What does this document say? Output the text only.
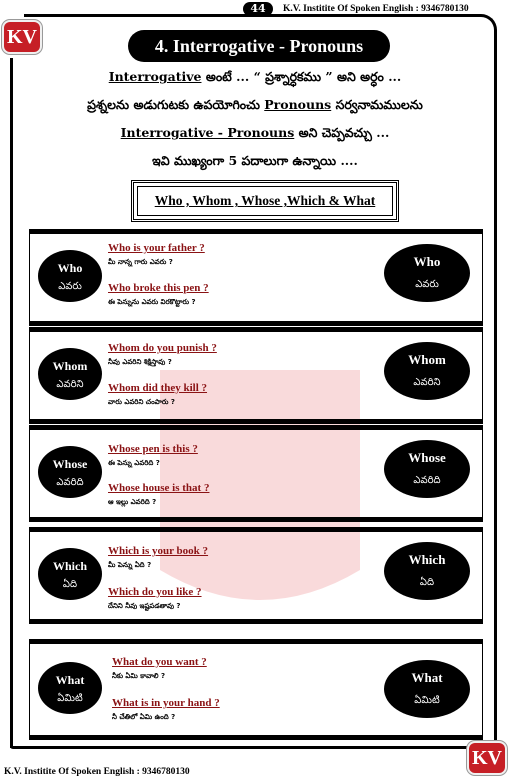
44	K.V. Institite Of Spoken English : 9346780130
KV	4. Interrogative - Pronouns
Interrogative అంటే ... “ ప్రశ్నార్ధకము ” అని అర్ధం ...
ప్రశ్నలను అడుగుటకు ఉపయోగించు Pronouns సర్వనామములను
Interrogative - Pronouns అని చెప్పవచ్చు ...
ఇవి ముఖ్యంగా 5 పదాలుగా ఉన్నాయి ....
Who , Whom , Whose ,Which & What
Who
ఎవరు
Who is your father ?
మీ నాన్న గారు ఎవరు ?
Who broke this pen ?
ఈ పెన్నును ఎవరు విరకొట్టారు ?
Who
ఎవరు
Whom
ఎవరిని
Whom do you punish ?
నీవు ఎవరిని శిక్షిస్తావు ?
Whom did they kill ?
వారు ఎవరిని చంపారు ?
Whom
ఎవరిని
Whose
ఎవరిది
Whose pen is this ?
ఈ పెన్ను ఎవరిది ?
Whose house is that ?
ఆ ఇల్లు ఎవరిది ?
Whose
ఎవరిది
Which
ఏది
Which is your book ?
మీ పెన్ను ఏది ?
Which do you like ?
దేనిని నీవు ఇష్టపడతావు ?
Which
ఏది
What
ఏమిటి
What do you want ?
నీకు ఏమి కావాలి ?
What is in your hand ?
నీ చేతిలో ఏమి ఉంది ?
What
ఏమిటి
K.V. Institite Of Spoken English : 9346780130
KV
